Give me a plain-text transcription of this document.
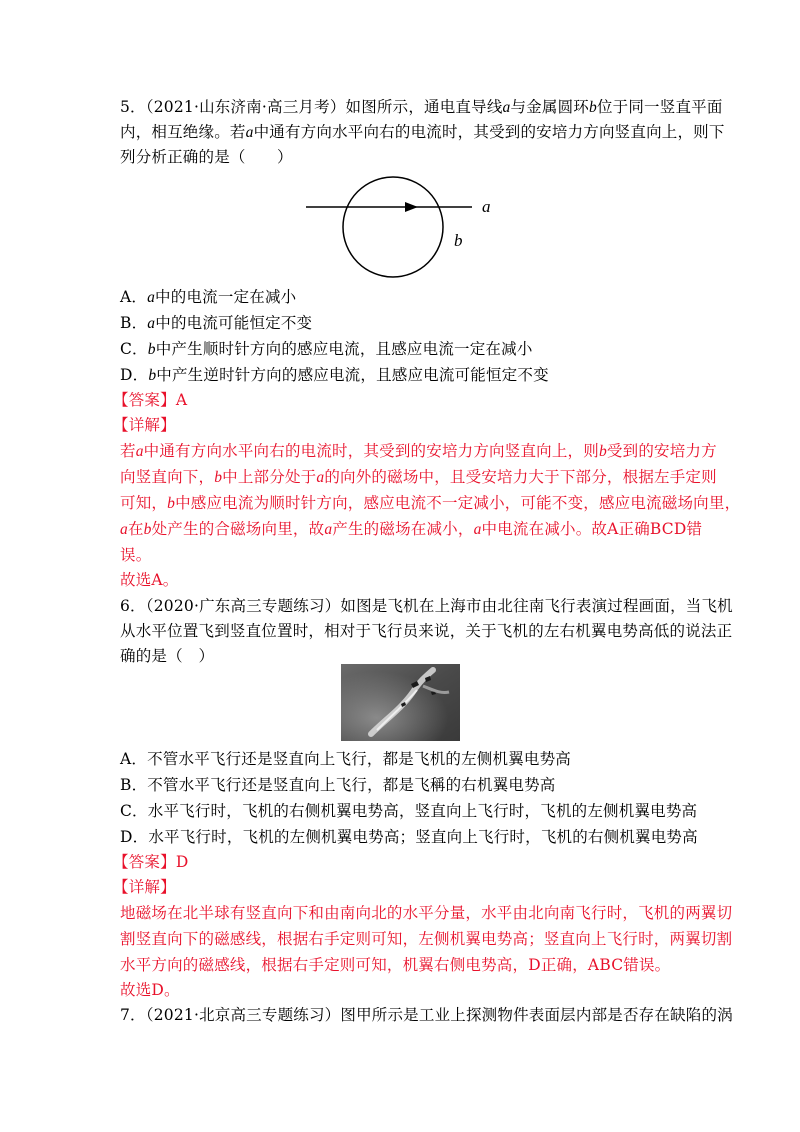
5．（2021·山东济南·高三月考）如图所示，通电直导线a与金属圆环b位于同一竖直平面
内，相互绝缘。若a中通有方向水平向右的电流时，其受到的安培力方向竖直向上，则下
列分析正确的是（　　）
a
b
A．a中的电流一定在减小
B．a中的电流可能恒定不变
C．b中产生顺时针方向的感应电流，且感应电流一定在减小
D．b中产生逆时针方向的感应电流，且感应电流可能恒定不变
【答案】A
【详解】
若a中通有方向水平向右的电流时，其受到的安培力方向竖直向上，则b受到的安培力方
向竖直向下，b中上部分处于a的向外的磁场中，且受安培力大于下部分，根据左手定则
可知，b中感应电流为顺时针方向，感应电流不一定减小，可能不变，感应电流磁场向里，
a在b处产生的合磁场向里，故a产生的磁场在减小，a中电流在减小。故A正确BCD错
误。
故选A。
6．（2020·广东高三专题练习）如图是飞机在上海市由北往南飞行表演过程画面，当飞机
从水平位置飞到竖直位置时，相对于飞行员来说，关于飞机的左右机翼电势高低的说法正
确的是（　）
A．不管水平飞行还是竖直向上飞行，都是飞机的左侧机翼电势高
B．不管水平飞行还是竖直向上飞行，都是飞稱的右机翼电势高
C．水平飞行时，飞机的右侧机翼电势高，竖直向上飞行时，飞机的左侧机翼电势高
D．水平飞行时，飞机的左侧机翼电势高；竖直向上飞行时，飞机的右侧机翼电势高
【答案】D
【详解】
地磁场在北半球有竖直向下和由南向北的水平分量，水平由北向南飞行时，飞机的两翼切
割竖直向下的磁感线，根据右手定则可知，左侧机翼电势高；竖直向上飞行时，两翼切割
水平方向的磁感线，根据右手定则可知，机翼右侧电势高，D正确，ABC错误。
故选D。
7．（2021·北京高三专题练习）图甲所示是工业上探测物件表面层内部是否存在缺陷的涡
